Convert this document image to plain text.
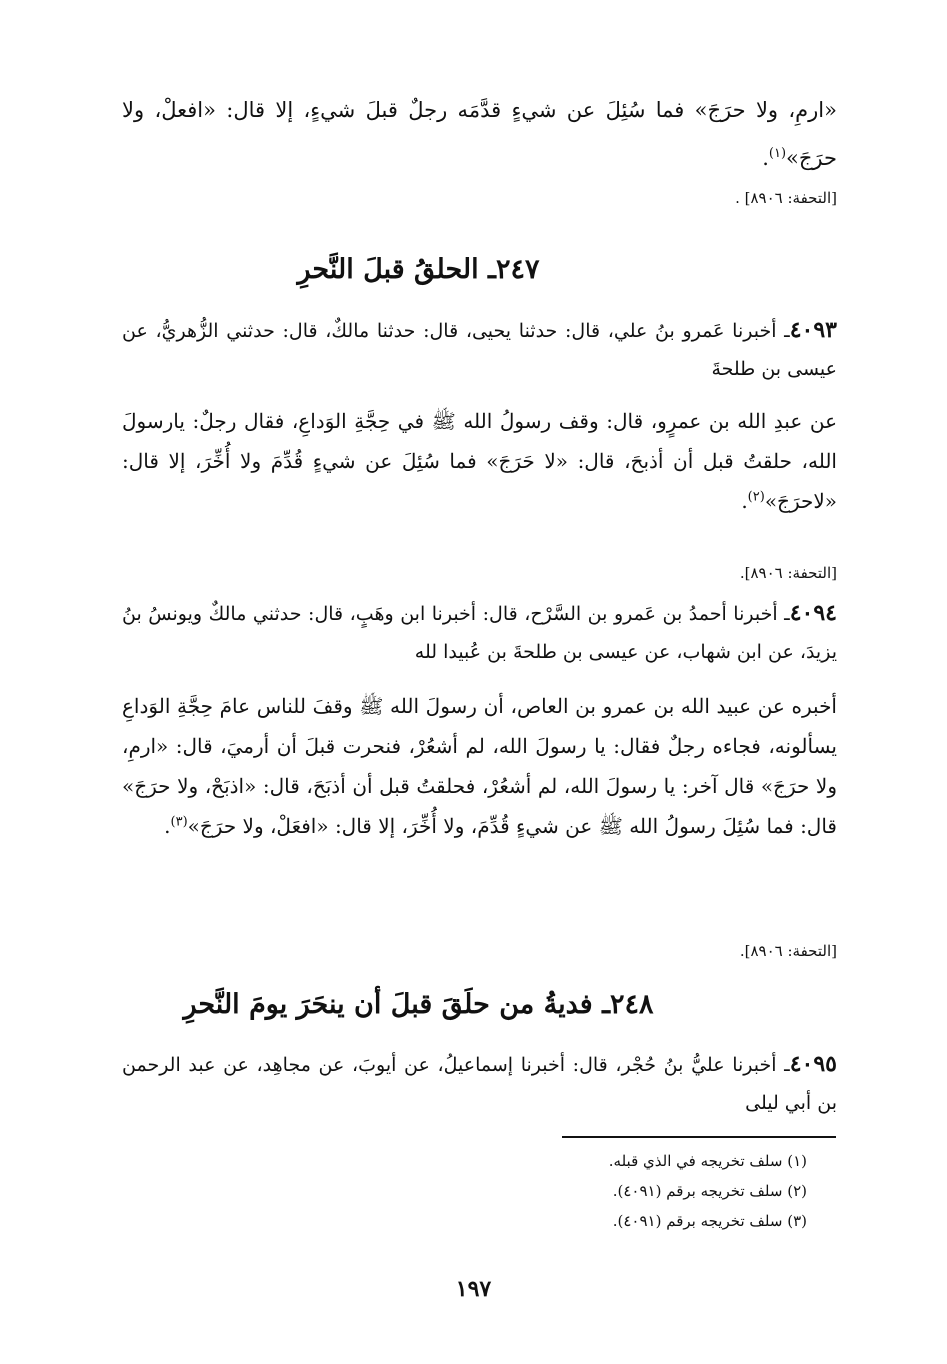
«ارمِ، ولا حرَجَ» فما سُئِلَ عن شيءٍ قدَّمَه رجلٌ قبلَ شيءٍ، إلا قال: «افعلْ، ولا حرَجَ»$^{(١)}$.
[التحفة: ٨٩٠٦] .
٢٤٧ـ الحلقُ قبلَ النَّحرِ
٤٠٩٣ـ أخبرنا عَمرو بنُ علي، قال: حدثنا يحيى، قال: حدثنا مالكٌ، قال: حدثني الزُّهريُّ، عن عيسى بن طلحةَ
عن عبدِ الله بن عمرٍو، قال: وقف رسولُ الله ﷺ في حِجَّةِ الوَداعِ، فقال رجلٌ: يارسولَ الله، حلقتُ قبل أن أذبحَ، قال: «لا حَرَجَ» فما سُئِلَ عن شيءٍ قُدِّمَ ولا أُخِّرَ، إلا قال: «لاحرَجَ»$^{(٢)}$.
[التحفة: ٨٩٠٦].
٤٠٩٤ـ أخبرنا أحمدُ بن عَمرو بن السَّرْح، قال: أخبرنا ابن وهَبٍ، قال: حدثني مالكٌ ويونسُ بنُ يزيدَ، عن ابن شهاب، عن عيسى بن طلحةَ بن عُبيدا لله
أخبره عن عبيد الله بن عمرو بن العاص، أن رسولَ الله ﷺ وقفَ للناس عامَ حِجَّةِ الوَداعِ يسألونه، فجاءه رجلٌ فقال: يا رسولَ الله، لم أشعُرْ، فنحرت قبلَ أن أرميَ، قال: «ارمِ، ولا حرَجَ» قال آخر: يا رسولَ الله، لم أشعُرْ، فحلقتُ قبل أن أذبَحَ، قال: «اذبَحْ، ولا حرَجَ» قال: فما سُئِلَ رسولُ الله ﷺ عن شيءٍ قُدِّمَ، ولا أُخِّرَ، إلا قال: «افعَلْ، ولا حرَجَ»$^{(٣)}$.
[التحفة: ٨٩٠٦].
٢٤٨ـ فديةُ من حلَقَ قبلَ أن ينحَرَ يومَ النَّحرِ
٤٠٩٥ـ أخبرنا عليُّ بنُ حُجْر، قال: أخبرنا إسماعيلُ، عن أيوبَ، عن مجاهِد، عن عبد الرحمن بن أبي ليلى
(١) سلف تخريجه في الذي قبله.
(٢) سلف تخريجه برقم (٤٠٩١).
(٣) سلف تخريجه برقم (٤٠٩١).
١٩٧
